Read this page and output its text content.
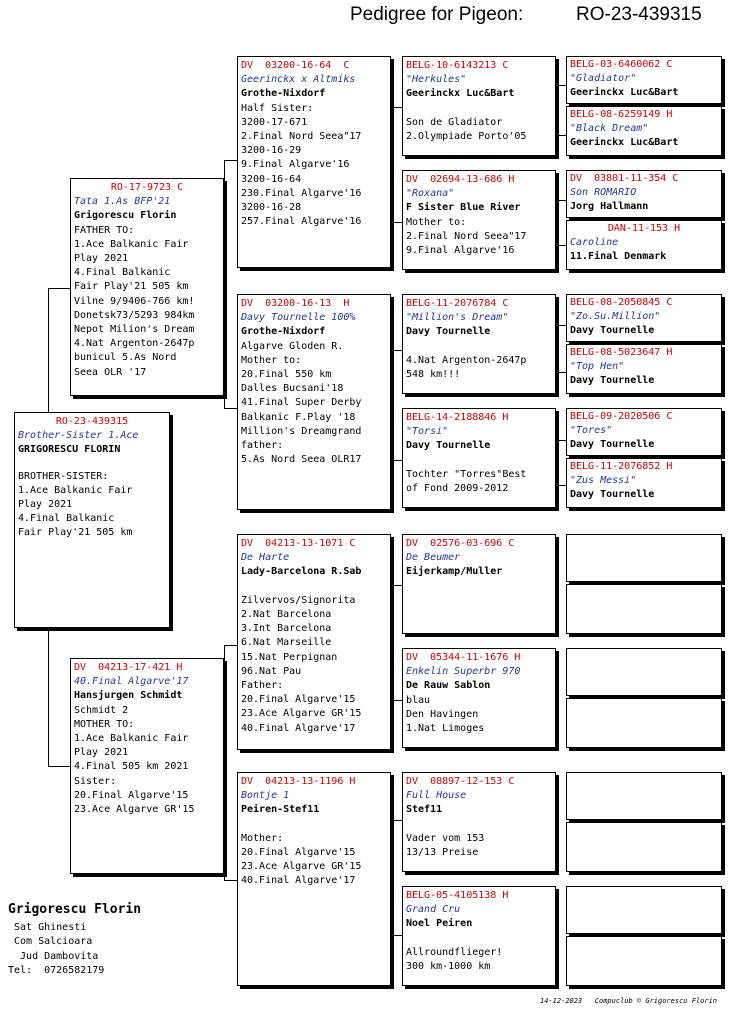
Pedigree for Pigeon:

	RO-23-439315

RO-23-439315
Brother-Sister 1.Ace
GRIGORESCU FLORIN
BROTHER-SISTER:
1.Ace Balkanic Fair
Play 2021
4.Final Balkanic
Fair Play'21 505 km
RO-17-9723 C
Tata 1.As BFP'21
Grigorescu Florin
FATHER TO:
1.Ace Balkanic Fair
Play 2021
4.Final Balkanic
Fair Play'21 505 km
Vilne 9/9406-766 km!
Donetsk73/5293 984km
Nepot Milion's Dream
4.Nat Argenton-2647p
bunicul 5.As Nord
Seea OLR '17
DV  04213-17-421 H
40.Final Algarve'17
Hansjurgen Schmidt
Schmidt 2
MOTHER TO:
1.Ace Balkanic Fair
Play 2021
4.Final 505 km 2021
Sister:
20.Final Algarve'15
23.Ace Algarve GR'15
DV  03200-16-64  C
Geerinckx x Altmiks
Grothe-Nixdorf
Half Sister:
3200-17-671
2.Final Nord Seea"17
3200-16-29
9.Final Algarve'16
3200-16-64
230.Final Algarve'16
3200-16-28
257.Final Algarve'16
DV  03200-16-13  H
Davy Tournelle 100%
Grothe-Nixdorf
Algarve Gloden R.
Mother to:
20.Final 550 km
Dalles Bucsani'18
41.Final Super Derby
Balkanic F.Play '18
Million's Dreamgrand
father:
5.As Nord Seea OLR17
DV  04213-13-1071 C
De Harte
Lady-Barcelona R.Sab

Zilvervos/Signorita
2.Nat Barcelona
3.Int Barcelona
6.Nat Marseille
15.Nat Perpignan
96.Nat Pau
Father:
20.Final Algarve'15
23.Ace Algarve GR'15
40.Final Algarve'17
DV  04213-13-1196 H
Bontje 1
Peiren-Stef11

Mother:
20.Final Algarve'15
23.Ace Algarve GR'15
40.Final Algarve'17
BELG-10-6143213 C
"Herkules"
Geerinckx Luc&Bart

Son de Gladiator
2.Olympiade Porto'05
DV  02694-13-686 H
"Roxana"
F Sister Blue River
Mother to:
2.Final Nord Seea"17
9.Final Algarve'16
BELG-11-2076784 C
"Million's Dream"
Davy Tournelle

4.Nat Argenton-2647p
548 km!!!
BELG-14-2188846 H
"Torsi"
Davy Tournelle

Tochter "Torres"Best
of Fond 2009-2012
DV  02576-03-696 C
De Beumer
Eijerkamp/Muller
DV  05344-11-1676 H
Enkelin Superbr 970
De Rauw Sablon
blau
Den Havingen
1.Nat Limoges
DV  08897-12-153 C
Full House
Stef11

Vader vom 153
13/13 Preise
BELG-05-4105138 H
Grand Cru
Noel Peiren

Allroundflieger!
300 km-1000 km
BELG-03-6460062 C
"Gladiator"
Geerinckx Luc&Bart
BELG-08-6259149 H
"Black Dream"
Geerinckx Luc&Bart
DV  03801-11-354 C
Son ROMARIO
Jorg Hallmann
DAN-11-153 H
Caroline
11.Final Denmark
BELG-08-2050845 C
"Zo.Su.Million"
Davy Tournelle
BELG-08-5023647 H
"Top Hen"
Davy Tournelle
BELG-09-2020506 C
"Tores"
Davy Tournelle
BELG-11-2076852 H
"Zus Messi"
Davy Tournelle
Grigorescu Florin
Sat Ghinesti
Com Salcioara
Jud Dambovita
Tel:  0726582179
14-12-2023   Compuclub © Grigorescu Florin
